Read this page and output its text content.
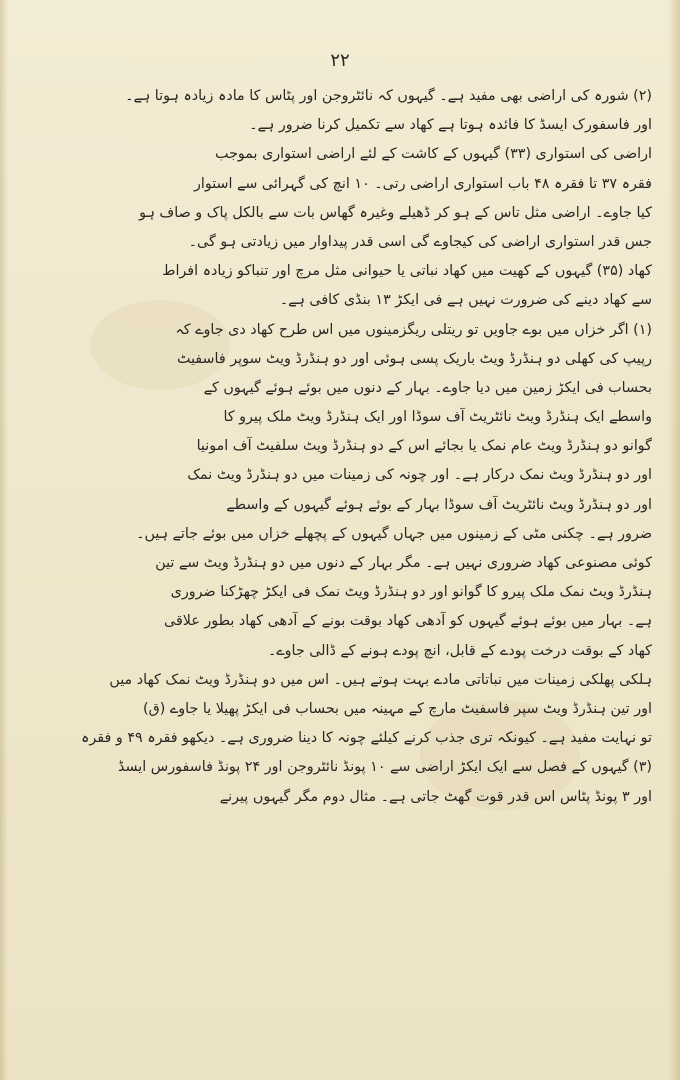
۲۲
(۲) شورہ کی اراضی بھی مفید ہے۔ گیہوں کہ نائٹروجن اور پٹاس کا مادہ زیادہ ہوتا ہے۔
اور فاسفورک ایسڈ کا فائدہ ہوتا ہے کھاد سے تکمیل کرنا ضرور ہے۔
اراضی کی استواری (۳۳) گیہوں کے کاشت کے لئے اراضی استواری بموجب
فقرہ ۳۷ تا فقرہ ۴۸ باب استواری اراضی رتی۔ ۱۰ انچ کی گہرائی سے استوار
کیا جاوے۔ اراضی مثل تاس کے ہو کر ڈھیلے وغیرہ گھاس بات سے بالکل پاک و صاف ہو
جس قدر استواری اراضی کی کیجاوے گی اسی قدر پیداوار میں زیادتی ہو گی۔
کھاد (۳۵) گیہوں کے کھیت میں کھاد نباتی یا حیوانی مثل مرچ اور تنباکو زیادہ افراط
سے کھاد دینے کی ضرورت نہیں ہے فی ایکڑ ۱۳ بنڈی کافی ہے۔
(۱) اگر خزاں میں بوے جاویں تو ریتلی ریگزمینوں میں اس طرح کھاد دی جاوے کہ
رپیپ کی کھلی دو ہنڈرڈ ویٹ باریک پسی ہوئی اور دو ہنڈرڈ ویٹ سوپر فاسفیٹ
بحساب فی ایکڑ زمین میں دیا جاوے۔ بہار کے دنوں میں بوئے ہوئے گیہوں کے
واسطے ایک ہنڈرڈ ویٹ نائٹریٹ آف سوڈا اور ایک ہنڈرڈ ویٹ ملک پیرو کا
گوانو دو ہنڈرڈ ویٹ عام نمک یا بجائے اس کے دو ہنڈرڈ ویٹ سلفیٹ آف امونیا
اور دو ہنڈرڈ ویٹ نمک درکار ہے۔ اور چونہ کی زمینات میں دو ہنڈرڈ ویٹ نمک
اور دو ہنڈرڈ ویٹ نائٹریٹ آف سوڈا بہار کے بوئے ہوئے گیہوں کے واسطے
ضرور ہے۔ چکنی مٹی کے زمینوں میں جہاں گیہوں کے پچھلے خزاں میں بوئے جاتے ہیں۔
کوئی مصنوعی کھاد ضروری نہیں ہے۔ مگر بہار کے دنوں میں دو ہنڈرڈ ویٹ سے تین
ہنڈرڈ ویٹ نمک ملک پیرو کا گوانو اور دو ہنڈرڈ ویٹ نمک فی ایکڑ چھڑکنا ضروری
ہے۔ بہار میں بوئے ہوئے گیہوں کو آدھی کھاد بوقت بونے کے آدھی کھاد بطور علاقی
کھاد کے بوقت درخت پودے کے قابل، انچ پودے ہونے کے ڈالی جاوے۔
ہلکی پھلکی زمینات میں نباتاتی مادے بہت ہوتے ہیں۔ اس میں دو ہنڈرڈ ویٹ نمک کھاد میں
اور تین ہنڈرڈ ویٹ سپر فاسفیٹ مارچ کے مہینہ میں بحساب فی ایکڑ پھیلا یا جاوے (ق)
تو نہایت مفید ہے۔ کیونکہ تری جذب کرنے کیلئے چونہ کا دینا ضروری ہے۔ دیکھو فقرہ ۴۹ و فقرہ
(۳) گیہوں کے فصل سے ایک ایکڑ اراضی سے ۱۰ پونڈ نائٹروجن اور ۲۴ پونڈ فاسفورس ایسڈ
اور ۳ پونڈ پٹاس اس قدر قوت گھٹ جاتی ہے۔ مثال دوم مگر گیہوں پیرنے
